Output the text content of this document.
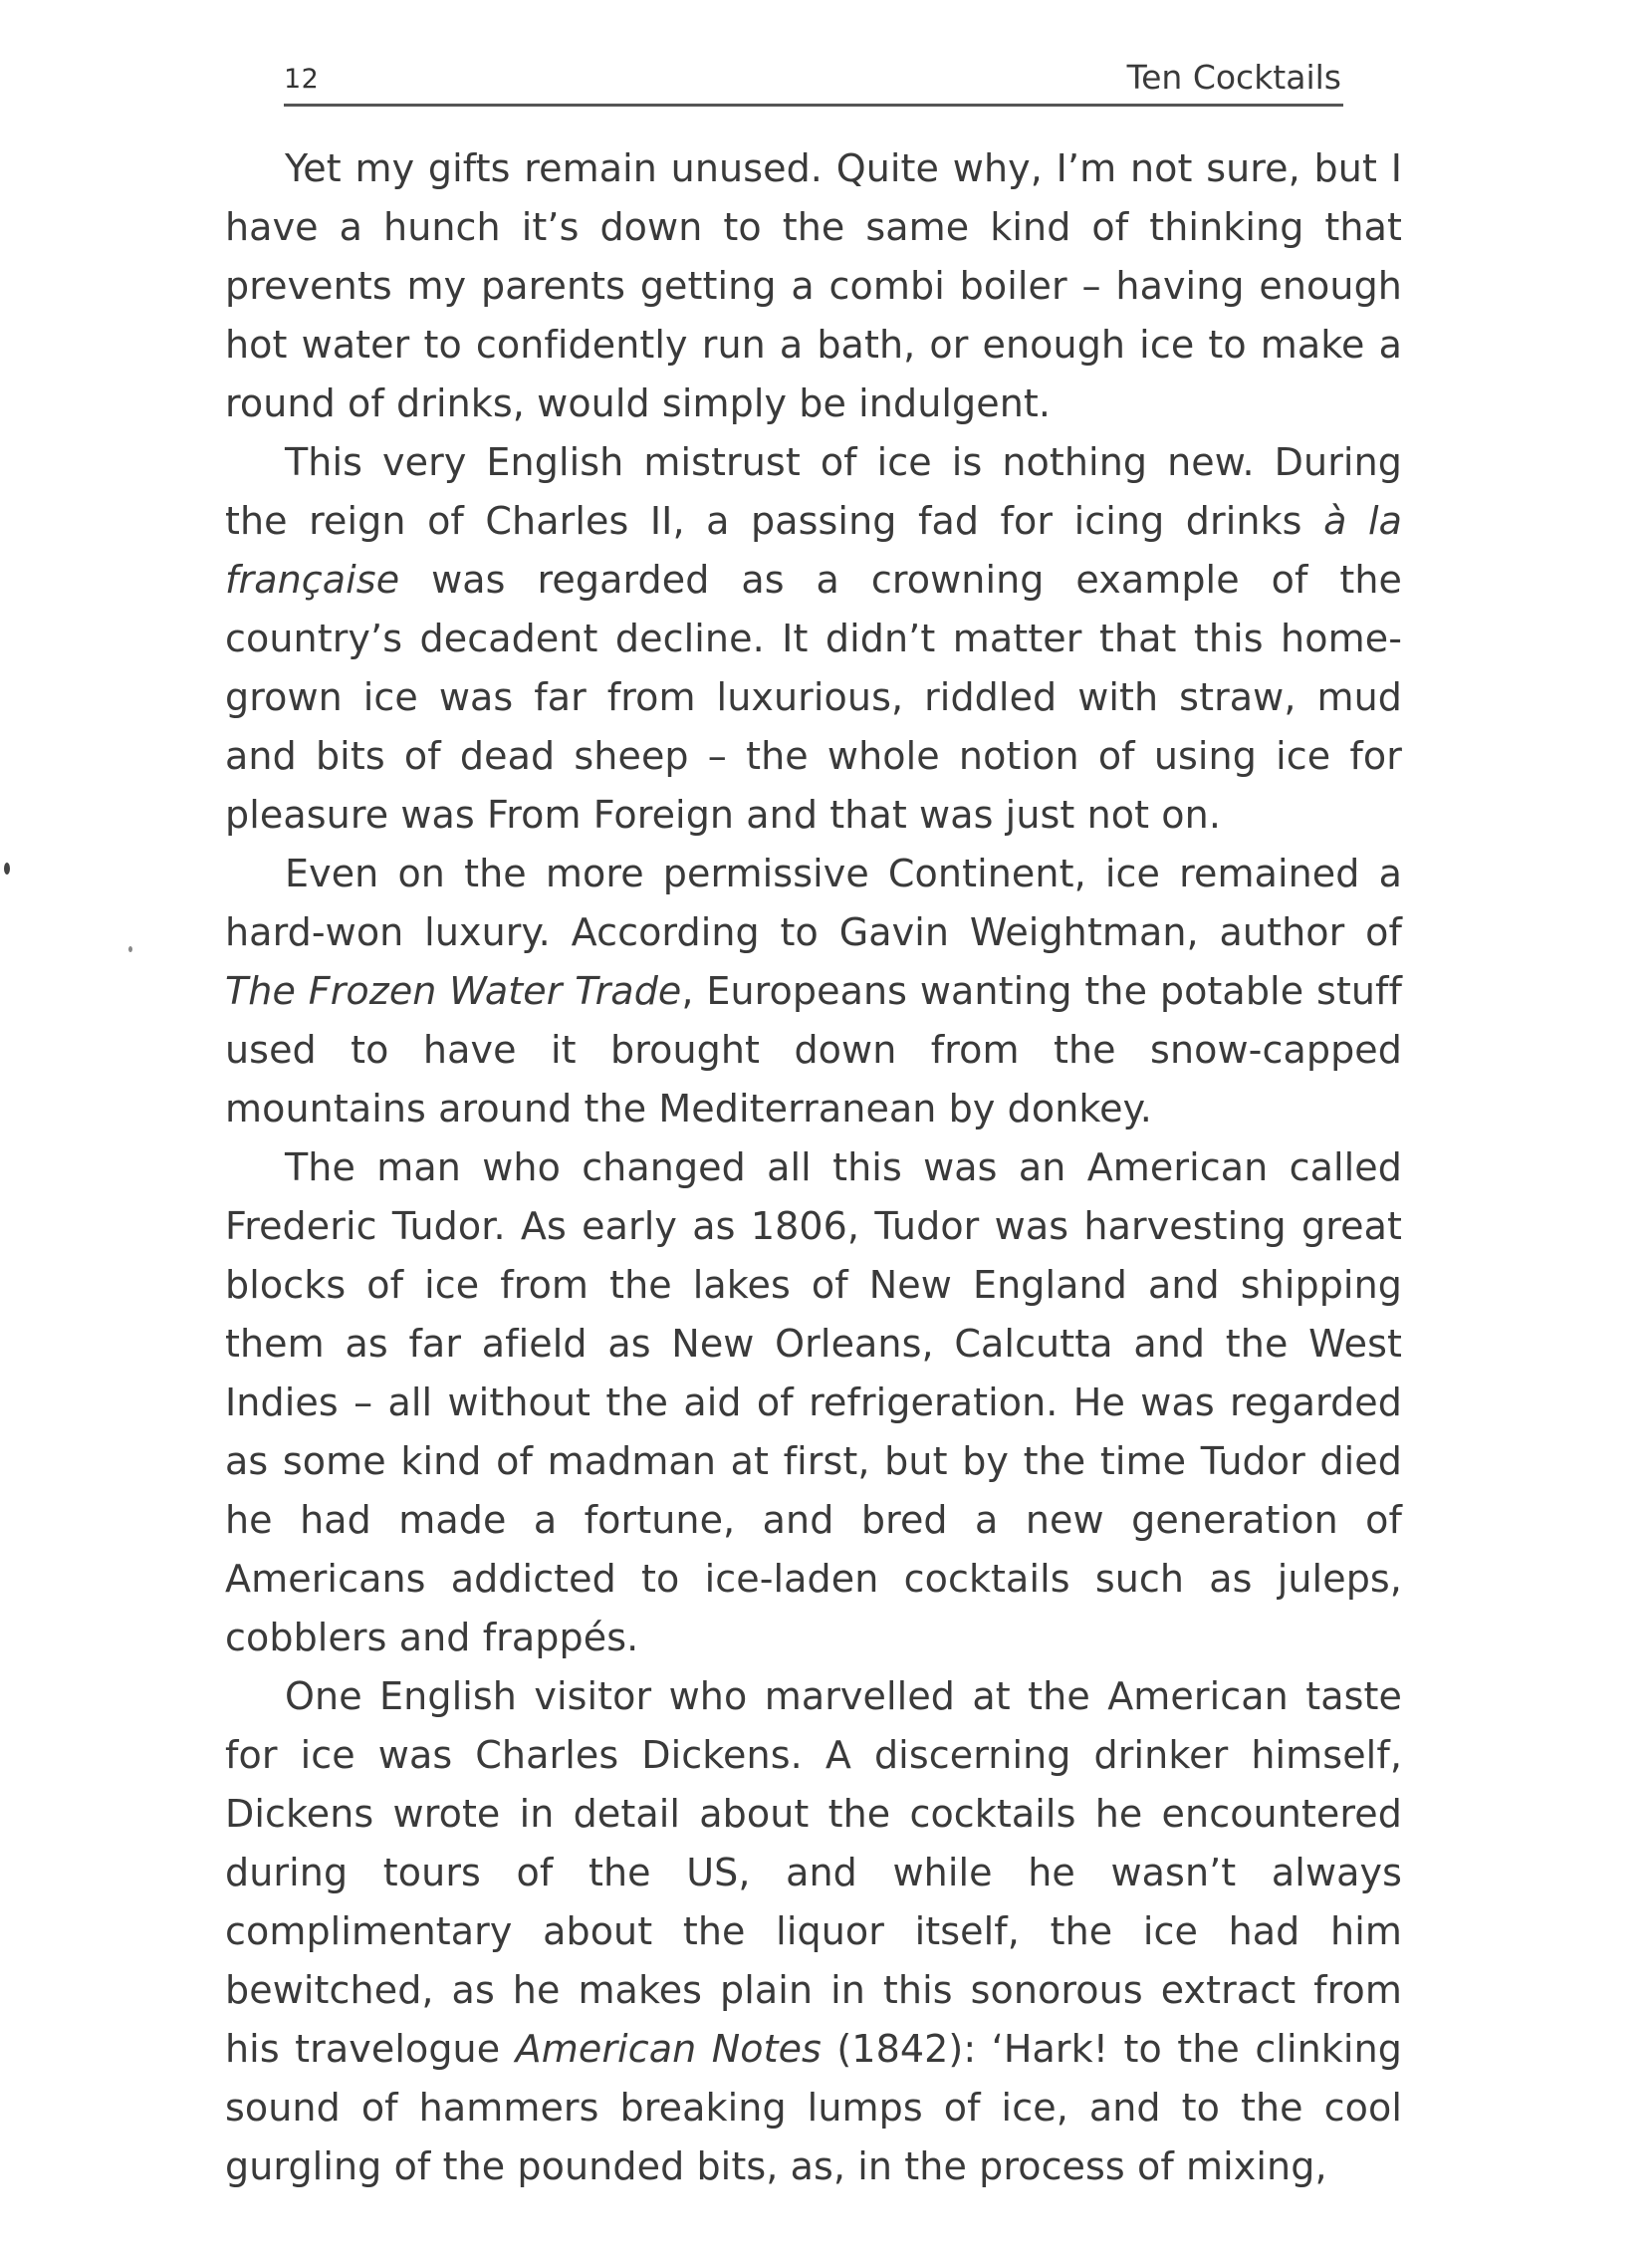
12	Ten Cocktails

Yet my gifts remain unused. Quite why, I’m not sure, but I have a hunch it’s down to the same kind of thinking that prevents my parents getting a combi boiler – having enough hot water to confidently run a bath, or enough ice to make a round of drinks, would simply be indulgent.

This very English mistrust of ice is nothing new. During the reign of Charles II, a passing fad for icing drinks à la française was regarded as a crowning example of the country’s decadent decline. It didn’t matter that this home-grown ice was far from luxurious, riddled with straw, mud and bits of dead sheep – the whole notion of using ice for pleasure was From Foreign and that was just not on.

Even on the more permissive Continent, ice remained a hard-won luxury. According to Gavin Weightman, author of The Frozen Water Trade, Europeans wanting the potable stuff used to have it brought down from the snow-capped mountains around the Mediterranean by donkey.

The man who changed all this was an American called Frederic Tudor. As early as 1806, Tudor was harvesting great blocks of ice from the lakes of New England and shipping them as far afield as New Orleans, Calcutta and the West Indies – all without the aid of refrigeration. He was regarded as some kind of madman at first, but by the time Tudor died he had made a fortune, and bred a new generation of Americans addicted to ice-laden cocktails such as juleps, cobblers and frappés.

One English visitor who marvelled at the American taste for ice was Charles Dickens. A discerning drinker himself, Dickens wrote in detail about the cocktails he encountered during tours of the US, and while he wasn’t always complimentary about the liquor itself, the ice had him bewitched, as he makes plain in this sonorous extract from his travelogue American Notes (1842): ‘Hark! to the clinking sound of hammers breaking lumps of ice, and to the cool gurgling of the pounded bits, as, in the process of mixing,
